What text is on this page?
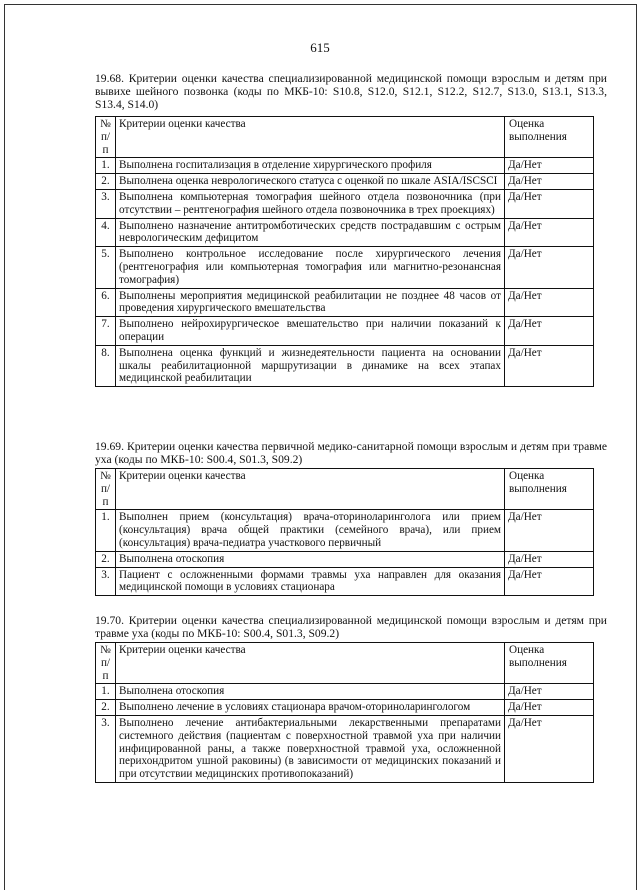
615
19.68. Критерии оценки качества специализированной медицинской помощи взрослым и детям при вывихе шейного позвонка (коды по МКБ-10: S10.8, S12.0, S12.1, S12.2, S12.7, S13.0, S13.1, S13.3, S13.4, S14.0)
№ п/п	Критерии оценки качества	Оценка выполнения
1.	Выполнена госпитализация в отделение хирургического профиля	Да/Нет
2.	Выполнена оценка неврологического статуса с оценкой по шкале ASIA/ISCSCI	Да/Нет
3.	Выполнена компьютерная томография шейного отдела позвоночника (при отсутствии – рентгенография шейного отдела позвоночника в трех проекциях)	Да/Нет
4.	Выполнено назначение антитромботических средств пострадавшим с острым неврологическим дефицитом	Да/Нет
5.	Выполнено контрольное исследование после хирургического лечения (рентгенография или компьютерная томография или магнитно-резонансная томография)	Да/Нет
6.	Выполнены мероприятия медицинской реабилитации не позднее 48 часов от проведения хирургического вмешательства	Да/Нет
7.	Выполнено нейрохирургическое вмешательство при наличии показаний к операции	Да/Нет
8.	Выполнена оценка функций и жизнедеятельности пациента на основании шкалы реабилитационной маршрутизации в динамике на всех этапах медицинской реабилитации	Да/Нет
19.69. Критерии оценки качества первичной медико-санитарной помощи взрослым и детям при травме уха (коды по МКБ-10: S00.4, S01.3, S09.2)
№ п/п	Критерии оценки качества	Оценка выполнения
1.	Выполнен прием (консультация) врача-оториноларинголога или прием (консультация) врача общей практики (семейного врача), или прием (консультация) врача-педиатра участкового первичный	Да/Нет
2.	Выполнена отоскопия	Да/Нет
3.	Пациент с осложненными формами травмы уха направлен для оказания медицинской помощи в условиях стационара	Да/Нет
19.70. Критерии оценки качества специализированной медицинской помощи взрослым и детям при травме уха (коды по МКБ-10: S00.4, S01.3, S09.2)
№ п/п	Критерии оценки качества	Оценка выполнения
1.	Выполнена отоскопия	Да/Нет
2.	Выполнено лечение в условиях стационара врачом-оториноларингологом	Да/Нет
3.	Выполнено лечение антибактериальными лекарственными препаратами системного действия (пациентам с поверхностной травмой уха при наличии инфицированной раны, а также поверхностной травмой уха, осложненной перихондритом ушной раковины) (в зависимости от медицинских показаний и при отсутствии медицинских противопоказаний)	Да/Нет
